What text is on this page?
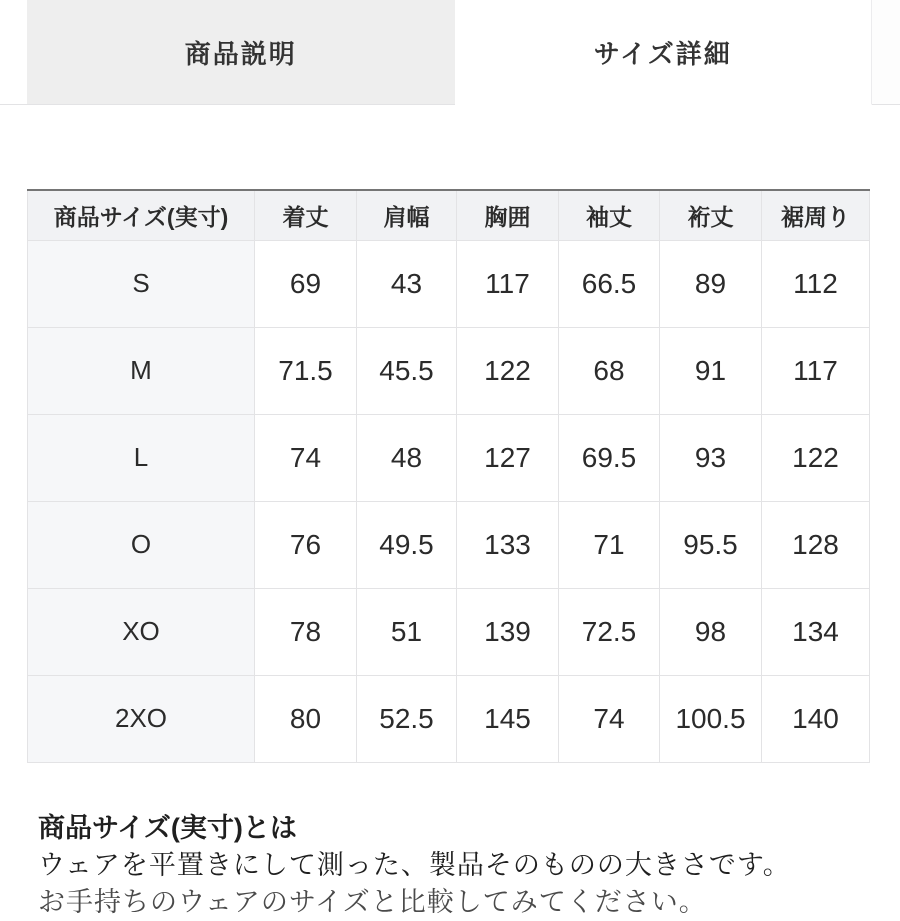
商品説明	サイズ詳細
商品サイズ(実寸)	着丈	肩幅	胸囲	袖丈	裄丈	裾周り
S	69	43	117	66.5	89	112
M	71.5	45.5	122	68	91	117
L	74	48	127	69.5	93	122
O	76	49.5	133	71	95.5	128
XO	78	51	139	72.5	98	134
2XO	80	52.5	145	74	100.5	140
商品サイズ(実寸)とは
ウェアを平置きにして測った、製品そのものの大きさです。
お手持ちのウェアのサイズと比較してみてください。
